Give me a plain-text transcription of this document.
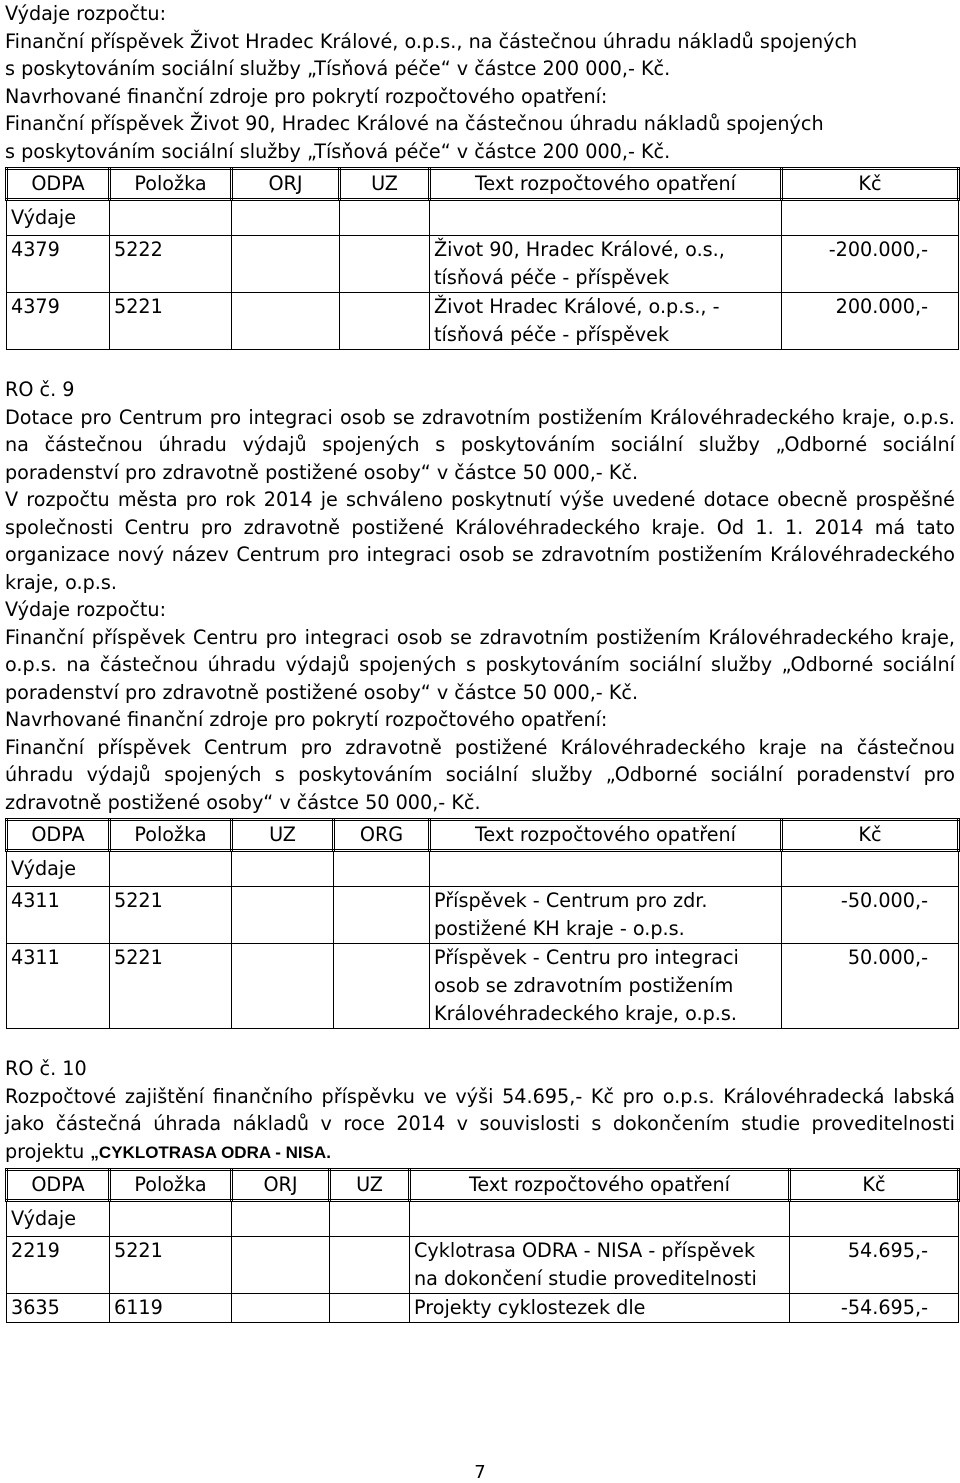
Výdaje rozpočtu:

Finanční příspěvek Život Hradec Králové, o.p.s., na částečnou úhradu nákladů spojených

s poskytováním sociální služby „Tísňová péče“ v částce 200 000,- Kč.

Navrhované finanční zdroje pro pokrytí rozpočtového opatření:

Finanční příspěvek Život 90, Hradec Králové na částečnou úhradu nákladů spojených

s poskytováním sociální služby „Tísňová péče“ v částce 200 000,- Kč.

ODPA	Položka	ORJ	UZ	Text rozpočtového opatření	Kč
Výdaje					
4379	5222			Život 90, Hradec Králové, o.s., tísňová péče - příspěvek	-200.000,-
4379	5221			Život Hradec Králové, o.p.s., - tísňová péče - příspěvek	200.000,-

RO č. 9

Dotace pro Centrum pro integraci osob se zdravotním postižením Královéhradeckého kraje, o.p.s. na částečnou úhradu výdajů spojených s poskytováním sociální služby „Odborné sociální poradenství pro zdravotně postižené osoby“ v částce 50 000,- Kč.

V rozpočtu města pro rok 2014 je schváleno poskytnutí výše uvedené dotace obecně prospěšné společnosti Centru pro zdravotně postižené Královéhradeckého kraje. Od 1. 1. 2014 má tato organizace nový název Centrum pro integraci osob se zdravotním postižením Královéhradeckého kraje, o.p.s.

Výdaje rozpočtu:

Finanční příspěvek Centru pro integraci osob se zdravotním postižením Královéhradeckého kraje, o.p.s. na částečnou úhradu výdajů spojených s poskytováním sociální služby „Odborné sociální poradenství pro zdravotně postižené osoby“ v částce 50 000,- Kč.

Navrhované finanční zdroje pro pokrytí rozpočtového opatření:

Finanční příspěvek Centrum pro zdravotně postižené Královéhradeckého kraje na částečnou úhradu výdajů spojených s poskytováním sociální služby „Odborné sociální poradenství pro zdravotně postižené osoby“ v částce 50 000,- Kč.

ODPA	Položka	UZ	ORG	Text rozpočtového opatření	Kč
Výdaje					
4311	5221			Příspěvek - Centrum pro zdr. postižené KH kraje - o.p.s.	-50.000,-
4311	5221			Příspěvek - Centru pro integraci osob se zdravotním postižením Královéhradeckého kraje, o.p.s.	50.000,-

RO č. 10

Rozpočtové zajištění finančního příspěvku ve výši 54.695,- Kč pro o.p.s. Královéhradecká labská jako částečná úhrada nákladů v roce 2014 v souvislosti s dokončením studie proveditelnosti projektu „CYKLOTRASA ODRA - NISA.

ODPA	Položka	ORJ	UZ	Text rozpočtového opatření	Kč
Výdaje					
2219	5221			Cyklotrasa ODRA - NISA - příspěvek na dokončení studie proveditelnosti	54.695,-
3635	6119			Projekty cyklostezek dle	-54.695,-
7
